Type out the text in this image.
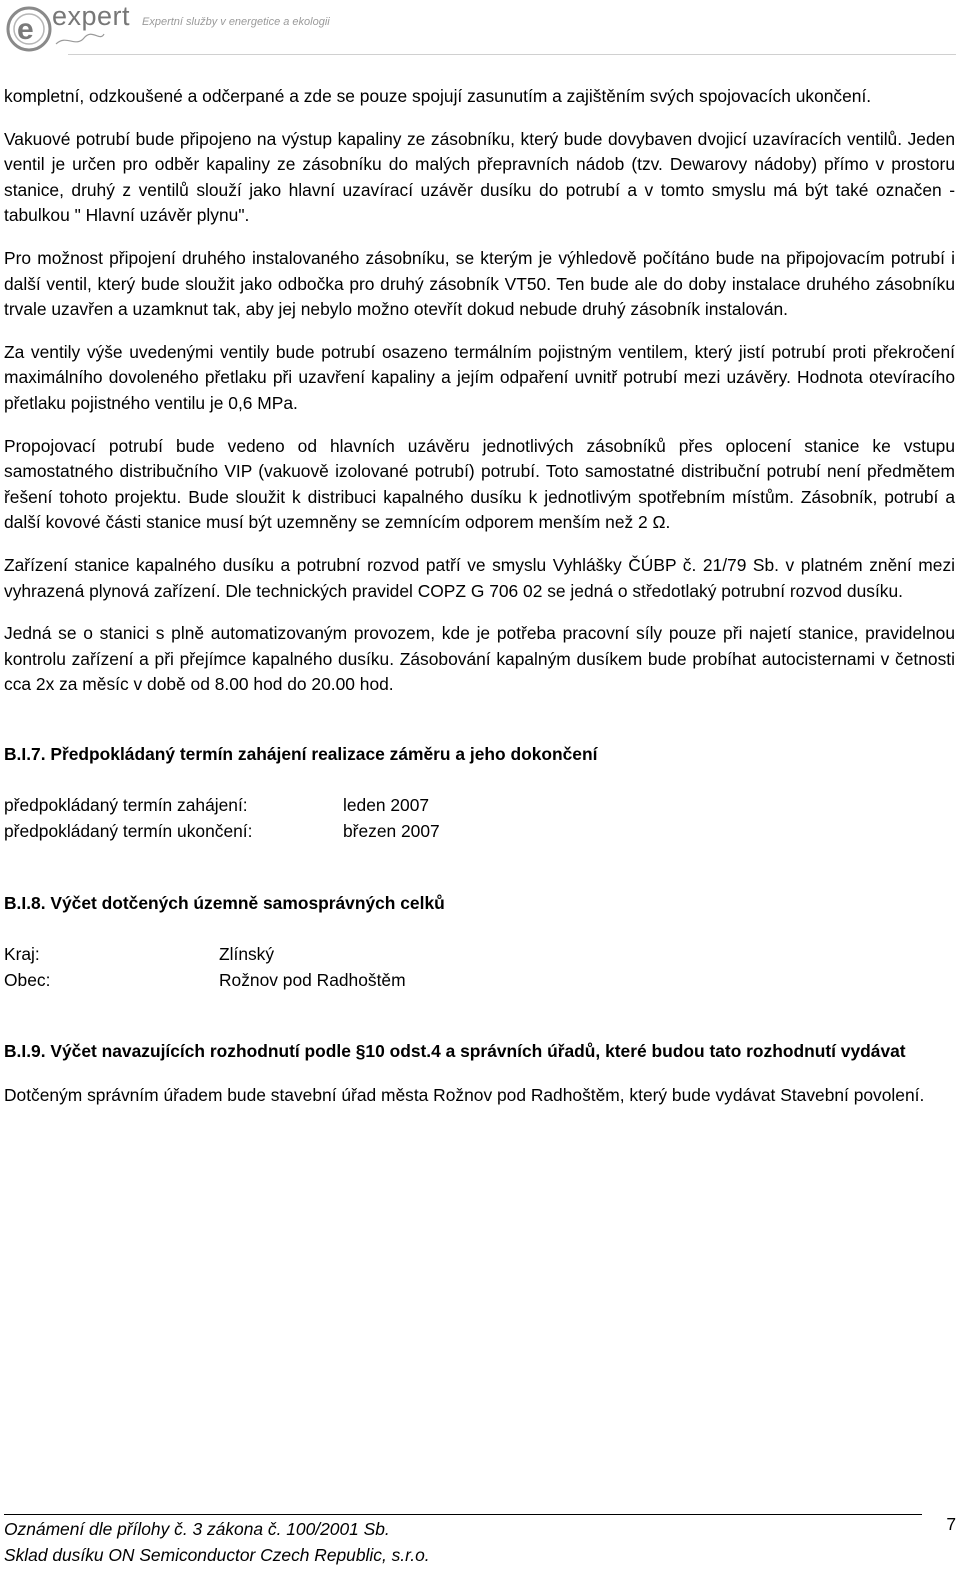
e expert Expertní služby v energetice a ekologii

kompletní, odzkoušené a odčerpané a zde se pouze spojují zasunutím a zajištěním svých spojovacích ukončení.

Vakuové potrubí bude připojeno na výstup kapaliny ze zásobníku, který bude dovybaven dvojicí uzavíracích ventilů. Jeden ventil je určen pro odběr kapaliny ze zásobníku do malých přepravních nádob (tzv. Dewarovy nádoby) přímo v prostoru stanice, druhý z ventilů slouží jako hlavní uzavírací uzávěr dusíku do potrubí a v tomto smyslu má být také označen - tabulkou " Hlavní uzávěr plynu".

Pro možnost připojení druhého instalovaného zásobníku, se kterým je výhledově počítáno bude na připojovacím potrubí i další ventil, který bude sloužit jako odbočka pro druhý zásobník VT50. Ten bude ale do doby instalace druhého zásobníku trvale uzavřen a uzamknut tak, aby jej nebylo možno otevřít dokud nebude druhý zásobník instalován.

Za ventily výše uvedenými ventily bude potrubí osazeno termálním pojistným ventilem, který jistí potrubí proti překročení maximálního dovoleného přetlaku při uzavření kapaliny a jejím odpaření uvnitř potrubí mezi uzávěry. Hodnota otevíracího přetlaku pojistného ventilu je 0,6 MPa.

Propojovací potrubí bude vedeno od hlavních uzávěru jednotlivých zásobníků přes oplocení stanice ke vstupu samostatného distribučního VIP (vakuově izolované potrubí) potrubí. Toto samostatné distribuční potrubí není předmětem řešení tohoto projektu. Bude sloužit k distribuci kapalného dusíku k jednotlivým spotřebním místům. Zásobník, potrubí a další kovové části stanice musí být uzemněny se zemnícím odporem menším než 2 Ω.

Zařízení stanice kapalného dusíku a potrubní rozvod patří ve smyslu Vyhlášky ČÚBP č. 21/79 Sb. v platném znění mezi vyhrazená plynová zařízení. Dle technických pravidel COPZ G 706 02 se jedná o středotlaký potrubní rozvod dusíku.

Jedná se o stanici s plně automatizovaným provozem, kde je potřeba pracovní síly pouze při najetí stanice, pravidelnou kontrolu zařízení a při přejímce kapalného dusíku. Zásobování kapalným dusíkem bude probíhat autocisternami v četnosti cca 2x za měsíc v době od 8.00 hod do 20.00 hod.

B.I.7. Předpokládaný termín zahájení realizace záměru a jeho dokončení
předpokládaný termín zahájení:	leden 2007
předpokládaný termín ukončení:	březen 2007
B.I.8. Výčet dotčených územně samosprávných celků
Kraj:	Zlínský
Obec:	Rožnov pod Radhoštěm
B.I.9. Výčet navazujících rozhodnutí podle §10 odst.4 a správních úřadů, které budou tato rozhodnutí vydávat

Dotčeným správním úřadem bude stavební úřad města Rožnov pod Radhoštěm, který bude vydávat Stavební povolení.

Oznámení dle přílohy č. 3 zákona č. 100/2001 Sb.
Sklad dusíku ON Semiconductor Czech Republic, s.r.o.
7
